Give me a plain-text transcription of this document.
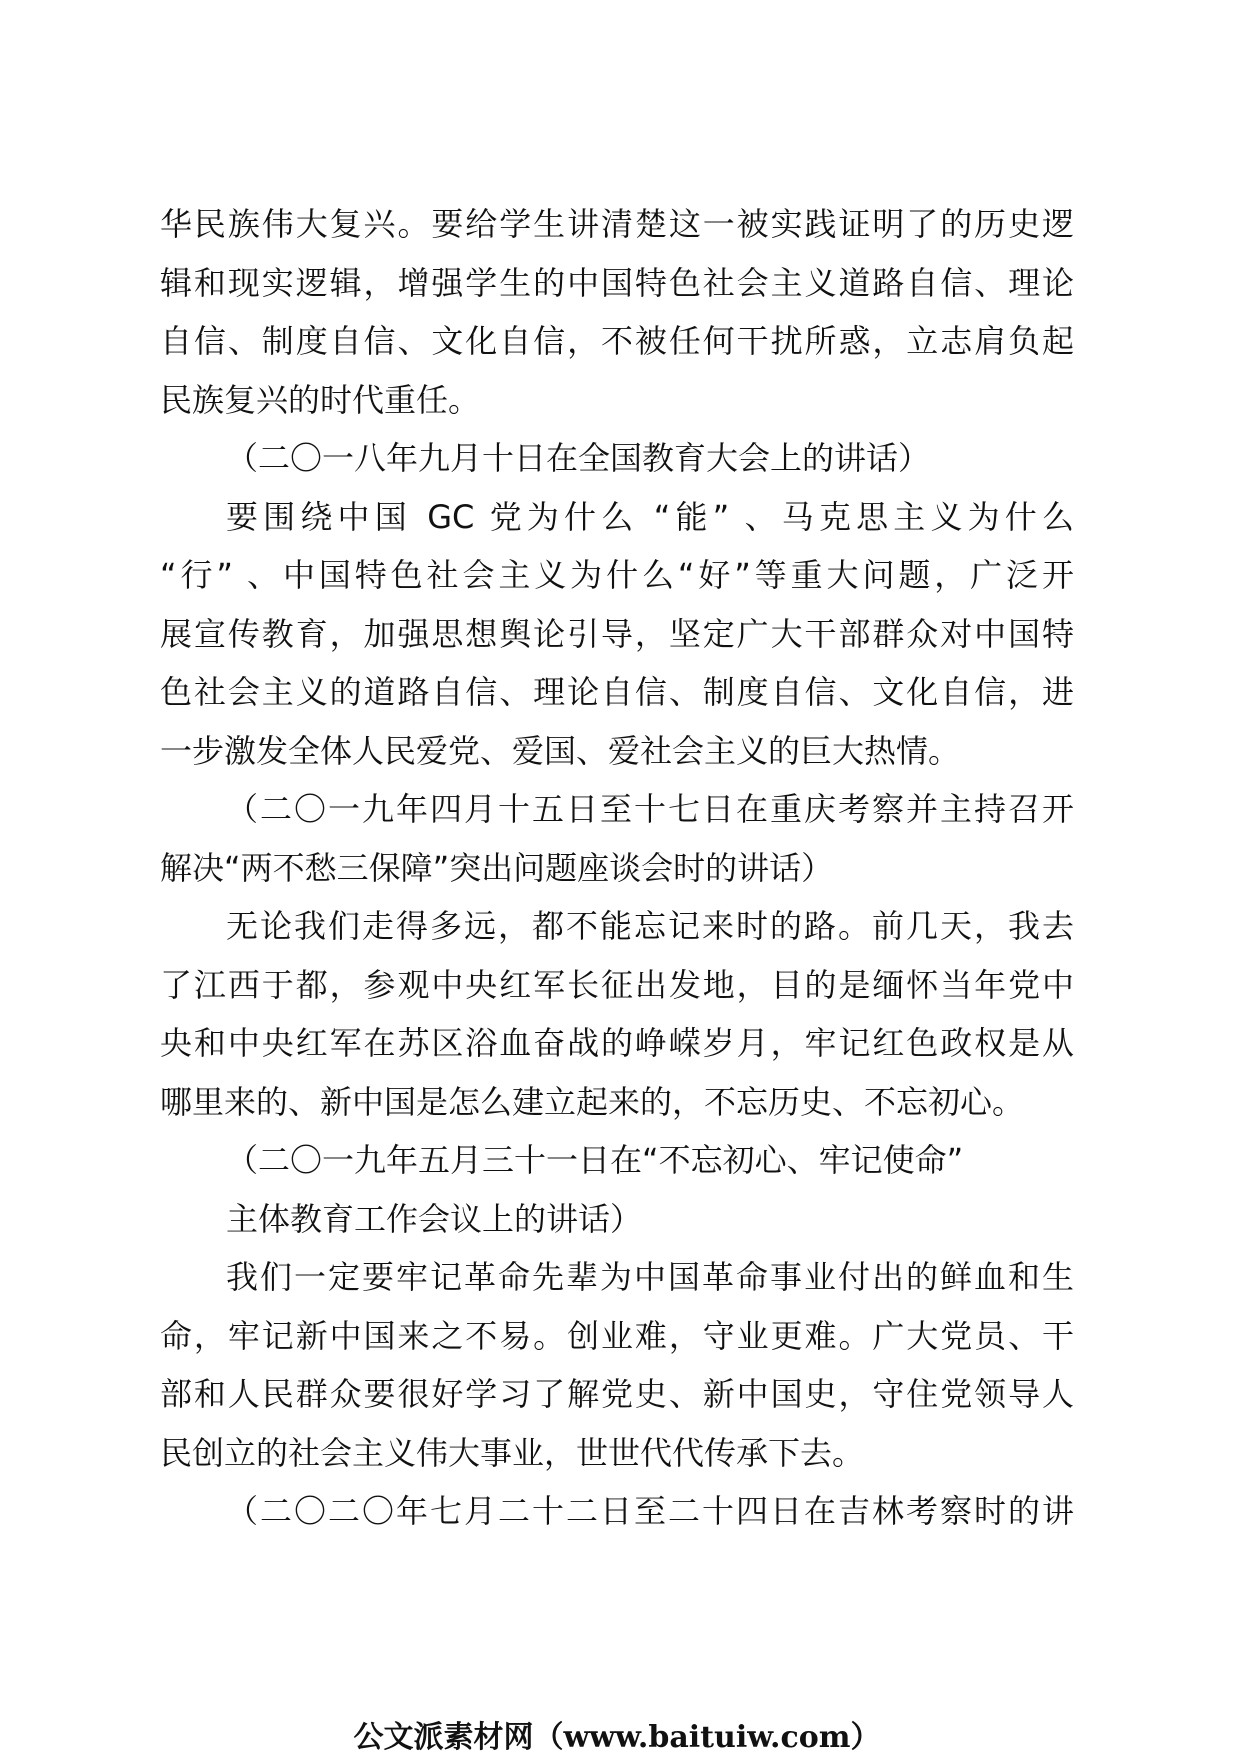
华民族伟大复兴。要给学生讲清楚这一被实践证明了的历史逻

辑和现实逻辑，增强学生的中国特色社会主义道路自信、理论

自信、制度自信、文化自信，不被任何干扰所惑，立志肩负起

民族复兴的时代重任。

（二〇一八年九月十日在全国教育大会上的讲话）

要围绕中国 GC 党为什么 “能” 、马克思主义为什么

“行” 、中国特色社会主义为什么“好”等重大问题，广泛开

展宣传教育，加强思想舆论引导，坚定广大干部群众对中国特

色社会主义的道路自信、理论自信、制度自信、文化自信，进

一步激发全体人民爱党、爱国、爱社会主义的巨大热情。

（二〇一九年四月十五日至十七日在重庆考察并主持召开

解决“两不愁三保障”突出问题座谈会时的讲话）

无论我们走得多远，都不能忘记来时的路。前几天，我去

了江西于都，参观中央红军长征出发地，目的是缅怀当年党中

央和中央红军在苏区浴血奋战的峥嵘岁月，牢记红色政权是从

哪里来的、新中国是怎么建立起来的，不忘历史、不忘初心。

（二〇一九年五月三十一日在“不忘初心、牢记使命”

主体教育工作会议上的讲话）

我们一定要牢记革命先辈为中国革命事业付出的鲜血和生

命，牢记新中国来之不易。创业难，守业更难。广大党员、干

部和人民群众要很好学习了解党史、新中国史，守住党领导人

民创立的社会主义伟大事业，世世代代传承下去。

（二〇二〇年七月二十二日至二十四日在吉林考察时的讲

公文派素材网（www.baituiw.com）
